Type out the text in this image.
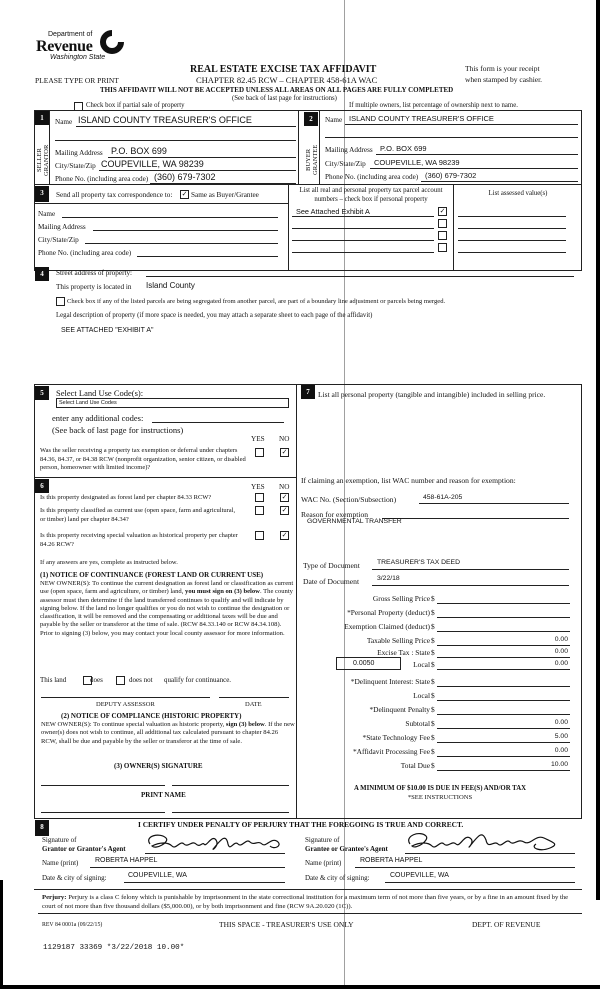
Department of
Revenue
Washington State
PLEASE TYPE OR PRINT
REAL ESTATE EXCISE TAX AFFIDAVIT
CHAPTER 82.45 RCW – CHAPTER 458-61A WAC
THIS AFFIDAVIT WILL NOT BE ACCEPTED UNLESS ALL AREAS ON ALL PAGES ARE FULLY COMPLETED
(See back of last page for instructions)
This form is your receipt
when stamped by cashier.
Check box if partial sale of property	If multiple owners, list percentage of ownership next to name.
1
SELLER
GRANTOR
Name ISLAND COUNTY TREASURER'S OFFICE
Mailing Address P.O. BOX 699
City/State/Zip COUPEVILLE, WA 98239
Phone No. (including area code) (360) 679-7302
2
BUYER
GRANTEE
Name ISLAND COUNTY TREASURER'S OFFICE
Mailing Address P.O. BOX 699
City/State/Zip COUPEVILLE, WA 98239
Phone No. (including area code) (360) 679-7302
3	Send all property tax correspondence to: ✓ Same as Buyer/Grantee
Name
Mailing Address
City/State/Zip
Phone No. (including area code)
List all real and personal property tax parcel account numbers – check box if personal property
List assessed value(s)
See Attached Exhibit A	✓
4	Street address of property:
This property is located in Island County
Check box if any of the listed parcels are being segregated from another parcel, are part of a boundary line adjustment or parcels being merged.
Legal description of property (if more space is needed, you may attach a separate sheet to each page of the affidavit)
SEE ATTACHED "EXHIBIT A"
5	Select Land Use Code(s):
Select Land Use Codes
enter any additional codes:
(See back of last page for instructions)
YES NO
Was the seller receiving a property tax exemption or deferral under chapters 84.36, 84.37, or 84.38 RCW (nonprofit organization, senior citizen, or disabled person, homeowner with limited income)?
✓
6	YES NO
Is this property designated as forest land per chapter 84.33 RCW?	✓
Is this property classified as current use (open space, farm and agricultural, or timber) land per chapter 84.34?
✓
Is this property receiving special valuation as historical property per chapter 84.26 RCW?
✓
If any answers are yes, complete as instructed below.
(1) NOTICE OF CONTINUANCE (FOREST LAND OR CURRENT USE)
NEW OWNER(S): To continue the current designation as forest land or classification as current use (open space, farm and agriculture, or timber) land, you must sign on (3) below. The county assessor must then determine if the land transferred continues to qualify and will indicate by signing below. If the land no longer qualifies or you do not wish to continue the designation or classification, it will be removed and the compensating or additional taxes will be due and payable by the seller or transferor at the time of sale. (RCW 84.33.140 or RCW 84.34.108). Prior to signing (3) below, you may contact your local county assessor for more information.
This land	does	does not qualify for continuance.
DEPUTY ASSESSOR	DATE
(2) NOTICE OF COMPLIANCE (HISTORIC PROPERTY)
NEW OWNER(S): To continue special valuation as historic property, sign (3) below. If the new owner(s) does not wish to continue, all additional tax calculated pursuant to chapter 84.26 RCW, shall be due and payable by the seller or transferor at the time of sale.
(3) OWNER(S) SIGNATURE
PRINT NAME
7	List all personal property (tangible and intangible) included in selling price.
If claiming an exemption, list WAC number and reason for exemption:
WAC No. (Section/Subsection)	458-61A-205
Reason for exemption
GOVERNMENTAL TRANSFER
Type of Document	TREASURER'S TAX DEED
Date of Document	3/22/18
Gross Selling Price $
*Personal Property (deduct) $
Exemption Claimed (deduct) $
Taxable Selling Price $	0.00
Excise Tax : State $	0.00
0.0050	Local $	0.00
*Delinquent Interest: State $
Local $
*Delinquent Penalty $
Subtotal $	0.00
*State Technology Fee $	5.00
*Affidavit Processing Fee $	0.00
Total Due $	10.00
A MINIMUM OF $10.00 IS DUE IN FEE(S) AND/OR TAX
*SEE INSTRUCTIONS
8	I CERTIFY UNDER PENALTY OF PERJURY THAT THE FOREGOING IS TRUE AND CORRECT.
Signature of
Grantor or Grantor's Agent
Name (print) ROBERTA HAPPEL
Date & city of signing:	COUPEVILLE, WA
Signature of
Grantee or Grantee's Agent
Name (print)	ROBERTA HAPPEL
Date & city of signing:	COUPEVILLE, WA
Perjury: Perjury is a class C felony which is punishable by imprisonment in the state correctional institution for a maximum term of not more than five years, or by a fine in an amount fixed by the court of not more than five thousand dollars ($5,000.00), or by both imprisonment and fine (RCW 9A.20.020 (1C)).
REV 84 0001a (09/22/15)	THIS SPACE - TREASURER'S USE ONLY	DEPT. OF REVENUE
1129187 33369 *3/22/2018 10.00*
